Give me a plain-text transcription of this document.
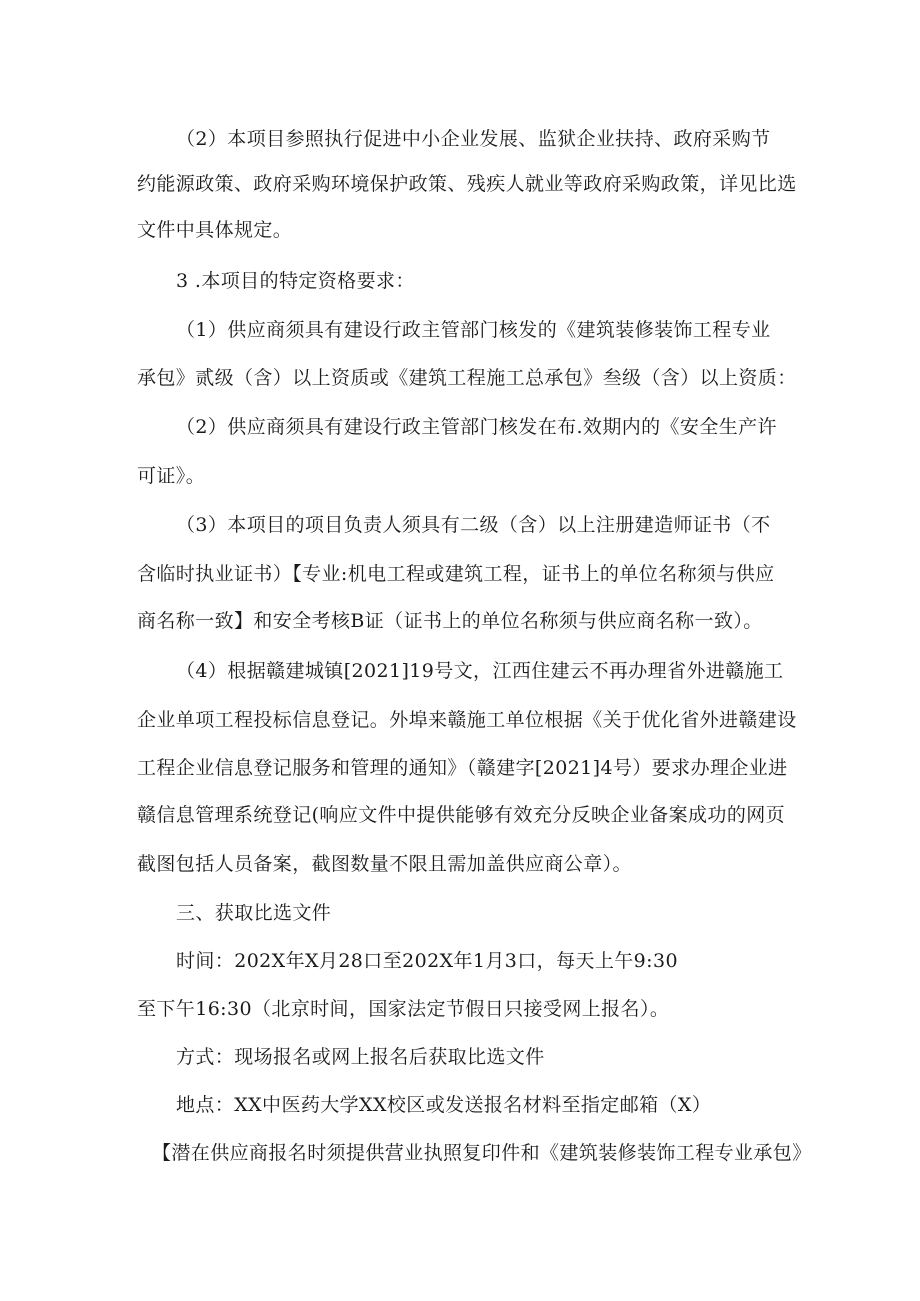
（2）本项目参照执行促进中小企业发展、监狱企业扶持、政府采购节
约能源政策、政府采购环境保护政策、残疾人就业等政府采购政策，详见比选
文件中具体规定。
3 .本项目的特定资格要求：
（1）供应商须具有建设行政主管部门核发的《建筑装修装饰工程专业
承包》贰级（含）以上资质或《建筑工程施工总承包》叁级（含）以上资质：
（2）供应商须具有建设行政主管部门核发在布.效期内的《安全生产许
可证》。
（3）本项目的项目负责人须具有二级（含）以上注册建造师证书（不
含临时执业证书）【专业:机电工程或建筑工程，证书上的单位名称须与供应
商名称一致】和安全考核B证（证书上的单位名称须与供应商名称一致）。
（4）根据赣建城镇[2021]19号文，江西住建云不再办理省外进赣施工
企业单项工程投标信息登记。外埠来赣施工单位根据《关于优化省外进赣建设
工程企业信息登记服务和管理的通知》（赣建字[2021]4号）要求办理企业进
赣信息管理系统登记(响应文件中提供能够有效充分反映企业备案成功的网页
截图包括人员备案，截图数量不限且需加盖供应商公章）。
三、获取比选文件
时间：202X年X月28口至202X年1月3口，每天上午9:30
至下午16:30（北京时间，国家法定节假日只接受网上报名）。
方式：现场报名或网上报名后获取比选文件
地点：XX中医药大学XX校区或发送报名材料至指定邮箱（X）
【潜在供应商报名时须提供营业执照复印件和《建筑装修装饰工程专业承包》
